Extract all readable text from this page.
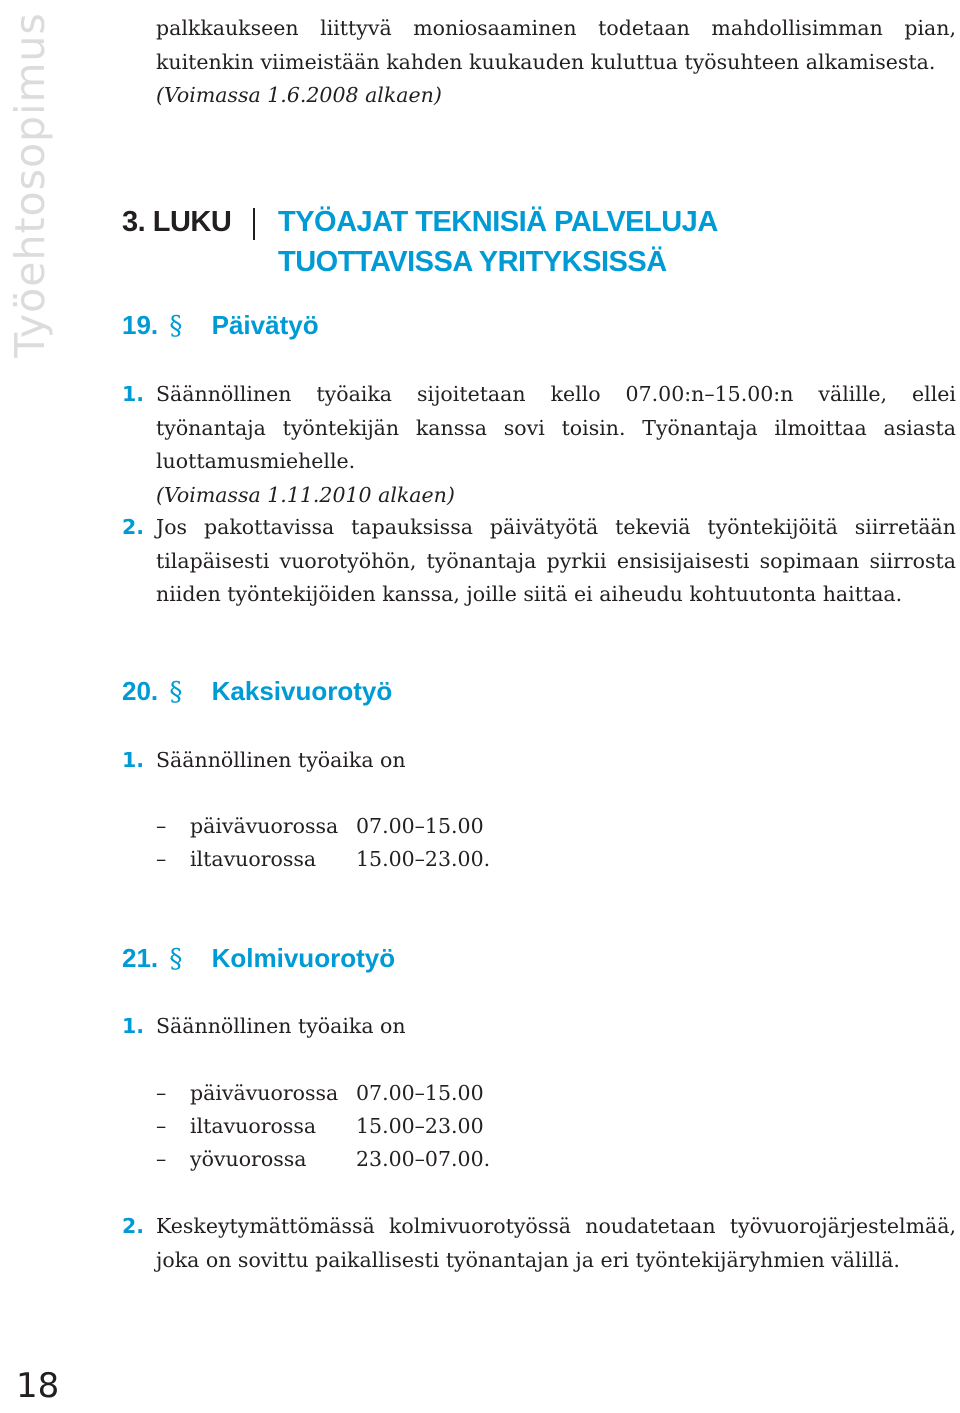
Työehtosopimus
18

palkkaukseen liittyvä moniosaaminen todetaan mahdollisimman pian, kuitenkin viimeistään kahden kuukauden kuluttua työsuhteen alkamisesta.
(Voimassa 1.6.2008 alkaen)

3. LUKU TYÖAJAT TEKNISIÄ PALVELUJA
TUOTTAVISSA YRITYKSISSÄ
19. § Päivätyö
1. Säännöllinen työaika sijoitetaan kello 07.00:n–15.00:n välille, ellei työnantaja työntekijän kanssa sovi toisin. Työnantaja ilmoittaa asiasta luottamusmiehelle.
(Voimassa 1.11.2010 alkaen)

2. Jos pakottavissa tapauksissa päivätyötä tekeviä työntekijöitä siirretään tilapäisesti vuorotyöhön, työnantaja pyrkii ensisijaisesti sopimaan siirrosta niiden työntekijöiden kanssa, joille siitä ei aiheudu kohtuutonta haittaa.

20. § Kaksivuorotyö
1. Säännöllinen työaika on

– päivävuorossa 07.00–15.00
– iltavuorossa 15.00–23.00.
21. § Kolmivuorotyö
1. Säännöllinen työaika on

– päivävuorossa 07.00–15.00
– iltavuorossa 15.00–23.00
– yövuorossa 23.00–07.00.
2. Keskeytymättömässä kolmivuorotyössä noudatetaan työvuorojärjestelmää, joka on sovittu paikallisesti työnantajan ja eri työntekijäryhmien välillä.
